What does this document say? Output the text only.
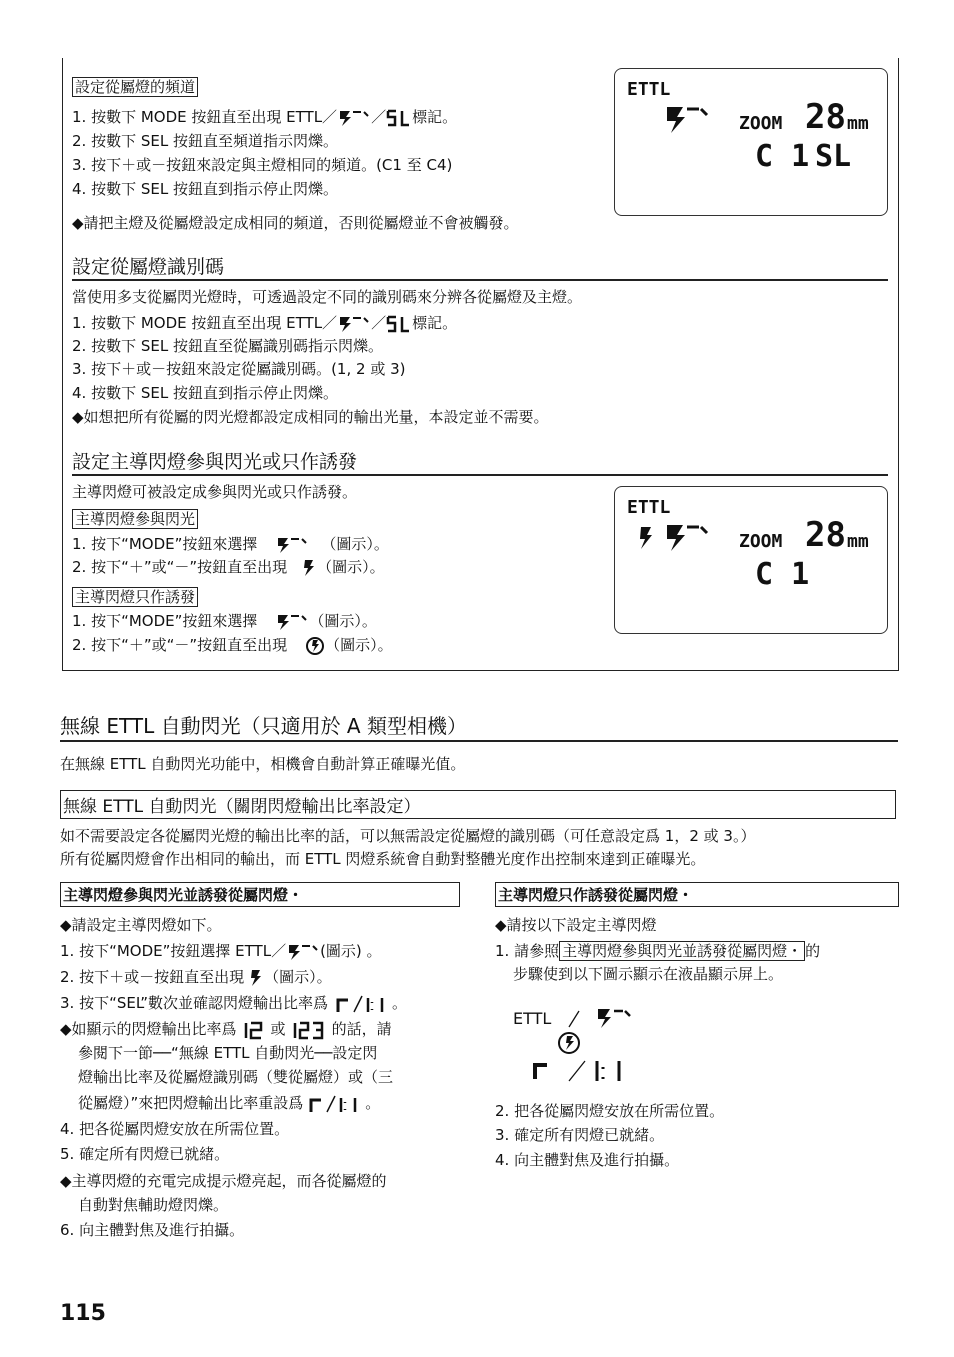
設定從屬燈的頻道
1. 按數下 MODE 按鈕直至出現 ETTL／ ／ 標記。
2. 按數下 SEL 按鈕直至頻道指示閃爍。
3. 按下＋或－按鈕來設定與主燈相同的頻道。(C1 至 C4)
4. 按數下 SEL 按鈕直到指示停止閃爍。
◆請把主燈及從屬燈設定成相同的頻道，否則從屬燈並不會被觸發。
ETTL
ZOOM 28 mm
C 1 SL
設定從屬燈識別碼
當使用多支從屬閃光燈時，可透過設定不同的識別碼來分辨各從屬燈及主燈。
1. 按數下 MODE 按鈕直至出現 ETTL／ ／ 標記。
2. 按數下 SEL 按鈕直至從屬識別碼指示閃爍。
3. 按下＋或－按鈕來設定從屬識別碼。(1, 2 或 3)
4. 按數下 SEL 按鈕直到指示停止閃爍。
◆如想把所有從屬的閃光燈都設定成相同的輸出光量，本設定並不需要。
設定主導閃燈參與閃光或只作誘發
主導閃燈可被設定成參與閃光或只作誘發。
主導閃燈參與閃光
1. 按下“MODE”按鈕來選擇	（圖示）。
2. 按下“＋”或“－”按鈕直至出現 （圖示）。
主導閃燈只作誘發
1. 按下“MODE”按鈕來選擇	（圖示）。
2. 按下“＋”或“－”按鈕直至出現	（圖示）。
ETTL
ZOOM 28 mm
C 1
無線 ETTL 自動閃光（只適用於 A 類型相機）
在無線 ETTL 自動閃光功能中，相機會自動計算正確曝光值。
無線 ETTL 自動閃光（關閉閃燈輸出比率設定）
如不需要設定各從屬閃光燈的輸出比率的話，可以無需設定從屬燈的識別碼（可任意設定爲 1，2 或 3。）
所有從屬閃燈會作出相同的輸出，而 ETTL 閃燈系統會自動對整體光度作出控制來達到正確曝光。
主導閃燈參與閃光並誘發從屬閃燈・
◆請設定主導閃燈如下。
1. 按下“MODE”按鈕選擇 ETTL／ (圖示) 。
2. 按下＋或－按鈕直至出現 （圖示）。
3. 按下“SEL”數次並確認閃燈輸出比率爲	。
◆如顯示的閃燈輸出比率爲 或	的話，請
參閱下一節──“無線 ETTL 自動閃光──設定閃
燈輸出比率及從屬燈識別碼（雙從屬燈）或（三
從屬燈）”來把閃燈輸出比率重設爲	。
4. 把各從屬閃燈安放在所需位置。
5. 確定所有閃燈已就緒。
◆主導閃燈的充電完成提示燈亮起，而各從屬燈的
自動對焦輔助燈閃爍。
6. 向主體對焦及進行拍攝。
主導閃燈只作誘發從屬閃燈・
◆請按以下設定主導閃燈
1. 請參照 主導閃燈參與閃光並誘發從屬閃燈・ 的
步驟使到以下圖示顯示在液晶顯示屏上。
ETTL
2. 把各從屬閃燈安放在所需位置。
3. 確定所有閃燈已就緒。
4. 向主體對焦及進行拍攝。
115
